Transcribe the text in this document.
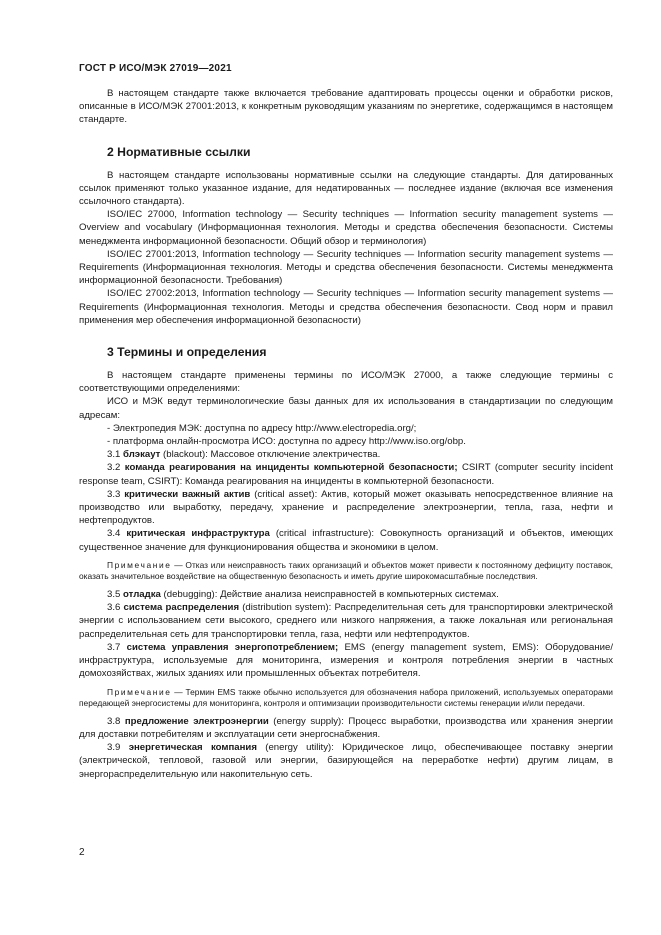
ГОСТ Р ИСО/МЭК 27019—2021

В настоящем стандарте также включается требование адаптировать процессы оценки и обработки рисков, описанные в ИСО/МЭК 27001:2013, к конкретным руководящим указаниям по энергетике, содержащимся в настоящем стандарте.

2 Нормативные ссылки

В настоящем стандарте использованы нормативные ссылки на следующие стандарты. Для датированных ссылок применяют только указанное издание, для недатированных — последнее издание (включая все изменения ссылочного стандарта).

ISO/IEC 27000, Information technology — Security techniques — Information security management systems — Overview and vocabulary (Информационная технология. Методы и средства обеспечения безопасности. Системы менеджмента информационной безопасности. Общий обзор и терминология)

ISO/IEC 27001:2013, Information technology — Security techniques — Information security management systems — Requirements (Информационная технология. Методы и средства обеспечения безопасности. Системы менеджмента информационной безопасности. Требования)

ISO/IEC 27002:2013, Information technology — Security techniques — Information security management systems — Requirements (Информационная технология. Методы и средства обеспечения безопасности. Свод норм и правил применения мер обеспечения информационной безопасности)

3 Термины и определения

В настоящем стандарте применены термины по ИСО/МЭК 27000, а также следующие термины с соответствующими определениями:

ИСО и МЭК ведут терминологические базы данных для их использования в стандартизации по следующим адресам:

- Электропедия МЭК: доступна по адресу http://www.electropedia.org/;

- платформа онлайн-просмотра ИСО: доступна по адресу http://www.iso.org/obp.

3.1 блэкаут (blackout): Массовое отключение электричества.

3.2 команда реагирования на инциденты компьютерной безопасности; CSIRT (computer security incident response team, CSIRT): Команда реагирования на инциденты в компьютерной безопасности.

3.3 критически важный актив (critical asset): Актив, который может оказывать непосредственное влияние на производство или выработку, передачу, хранение и распределение электроэнергии, тепла, газа, нефти и нефтепродуктов.

3.4 критическая инфраструктура (critical infrastructure): Совокупность организаций и объектов, имеющих существенное значение для функционирования общества и экономики в целом.

Примечание — Отказ или неисправность таких организаций и объектов может привести к постоянному дефициту поставок, оказать значительное воздействие на общественную безопасность и иметь другие широкомасштабные последствия.

3.5 отладка (debugging): Действие анализа неисправностей в компьютерных системах.

3.6 система распределения (distribution system): Распределительная сеть для транспортировки электрической энергии с использованием сети высокого, среднего или низкого напряжения, а также локальная или региональная распределительная сеть для транспортировки тепла, газа, нефти или нефтепродуктов.

3.7 система управления энергопотреблением; EMS (energy management system, EMS): Оборудование/инфраструктура, используемые для мониторинга, измерения и контроля потребления энергии в частных домохозяйствах, жилых зданиях или промышленных объектах потребителя.

Примечание — Термин EMS также обычно используется для обозначения набора приложений, используемых операторами передающей энергосистемы для мониторинга, контроля и оптимизации производительности системы генерации и/или передачи.

3.8 предложение электроэнергии (energy supply): Процесс выработки, производства или хранения энергии для доставки потребителям и эксплуатации сети энергоснабжения.

3.9 энергетическая компания (energy utility): Юридическое лицо, обеспечивающее поставку энергии (электрической, тепловой, газовой или энергии, базирующейся на переработке нефти) другим лицам, в энергораспределительную или накопительную сеть.

2
